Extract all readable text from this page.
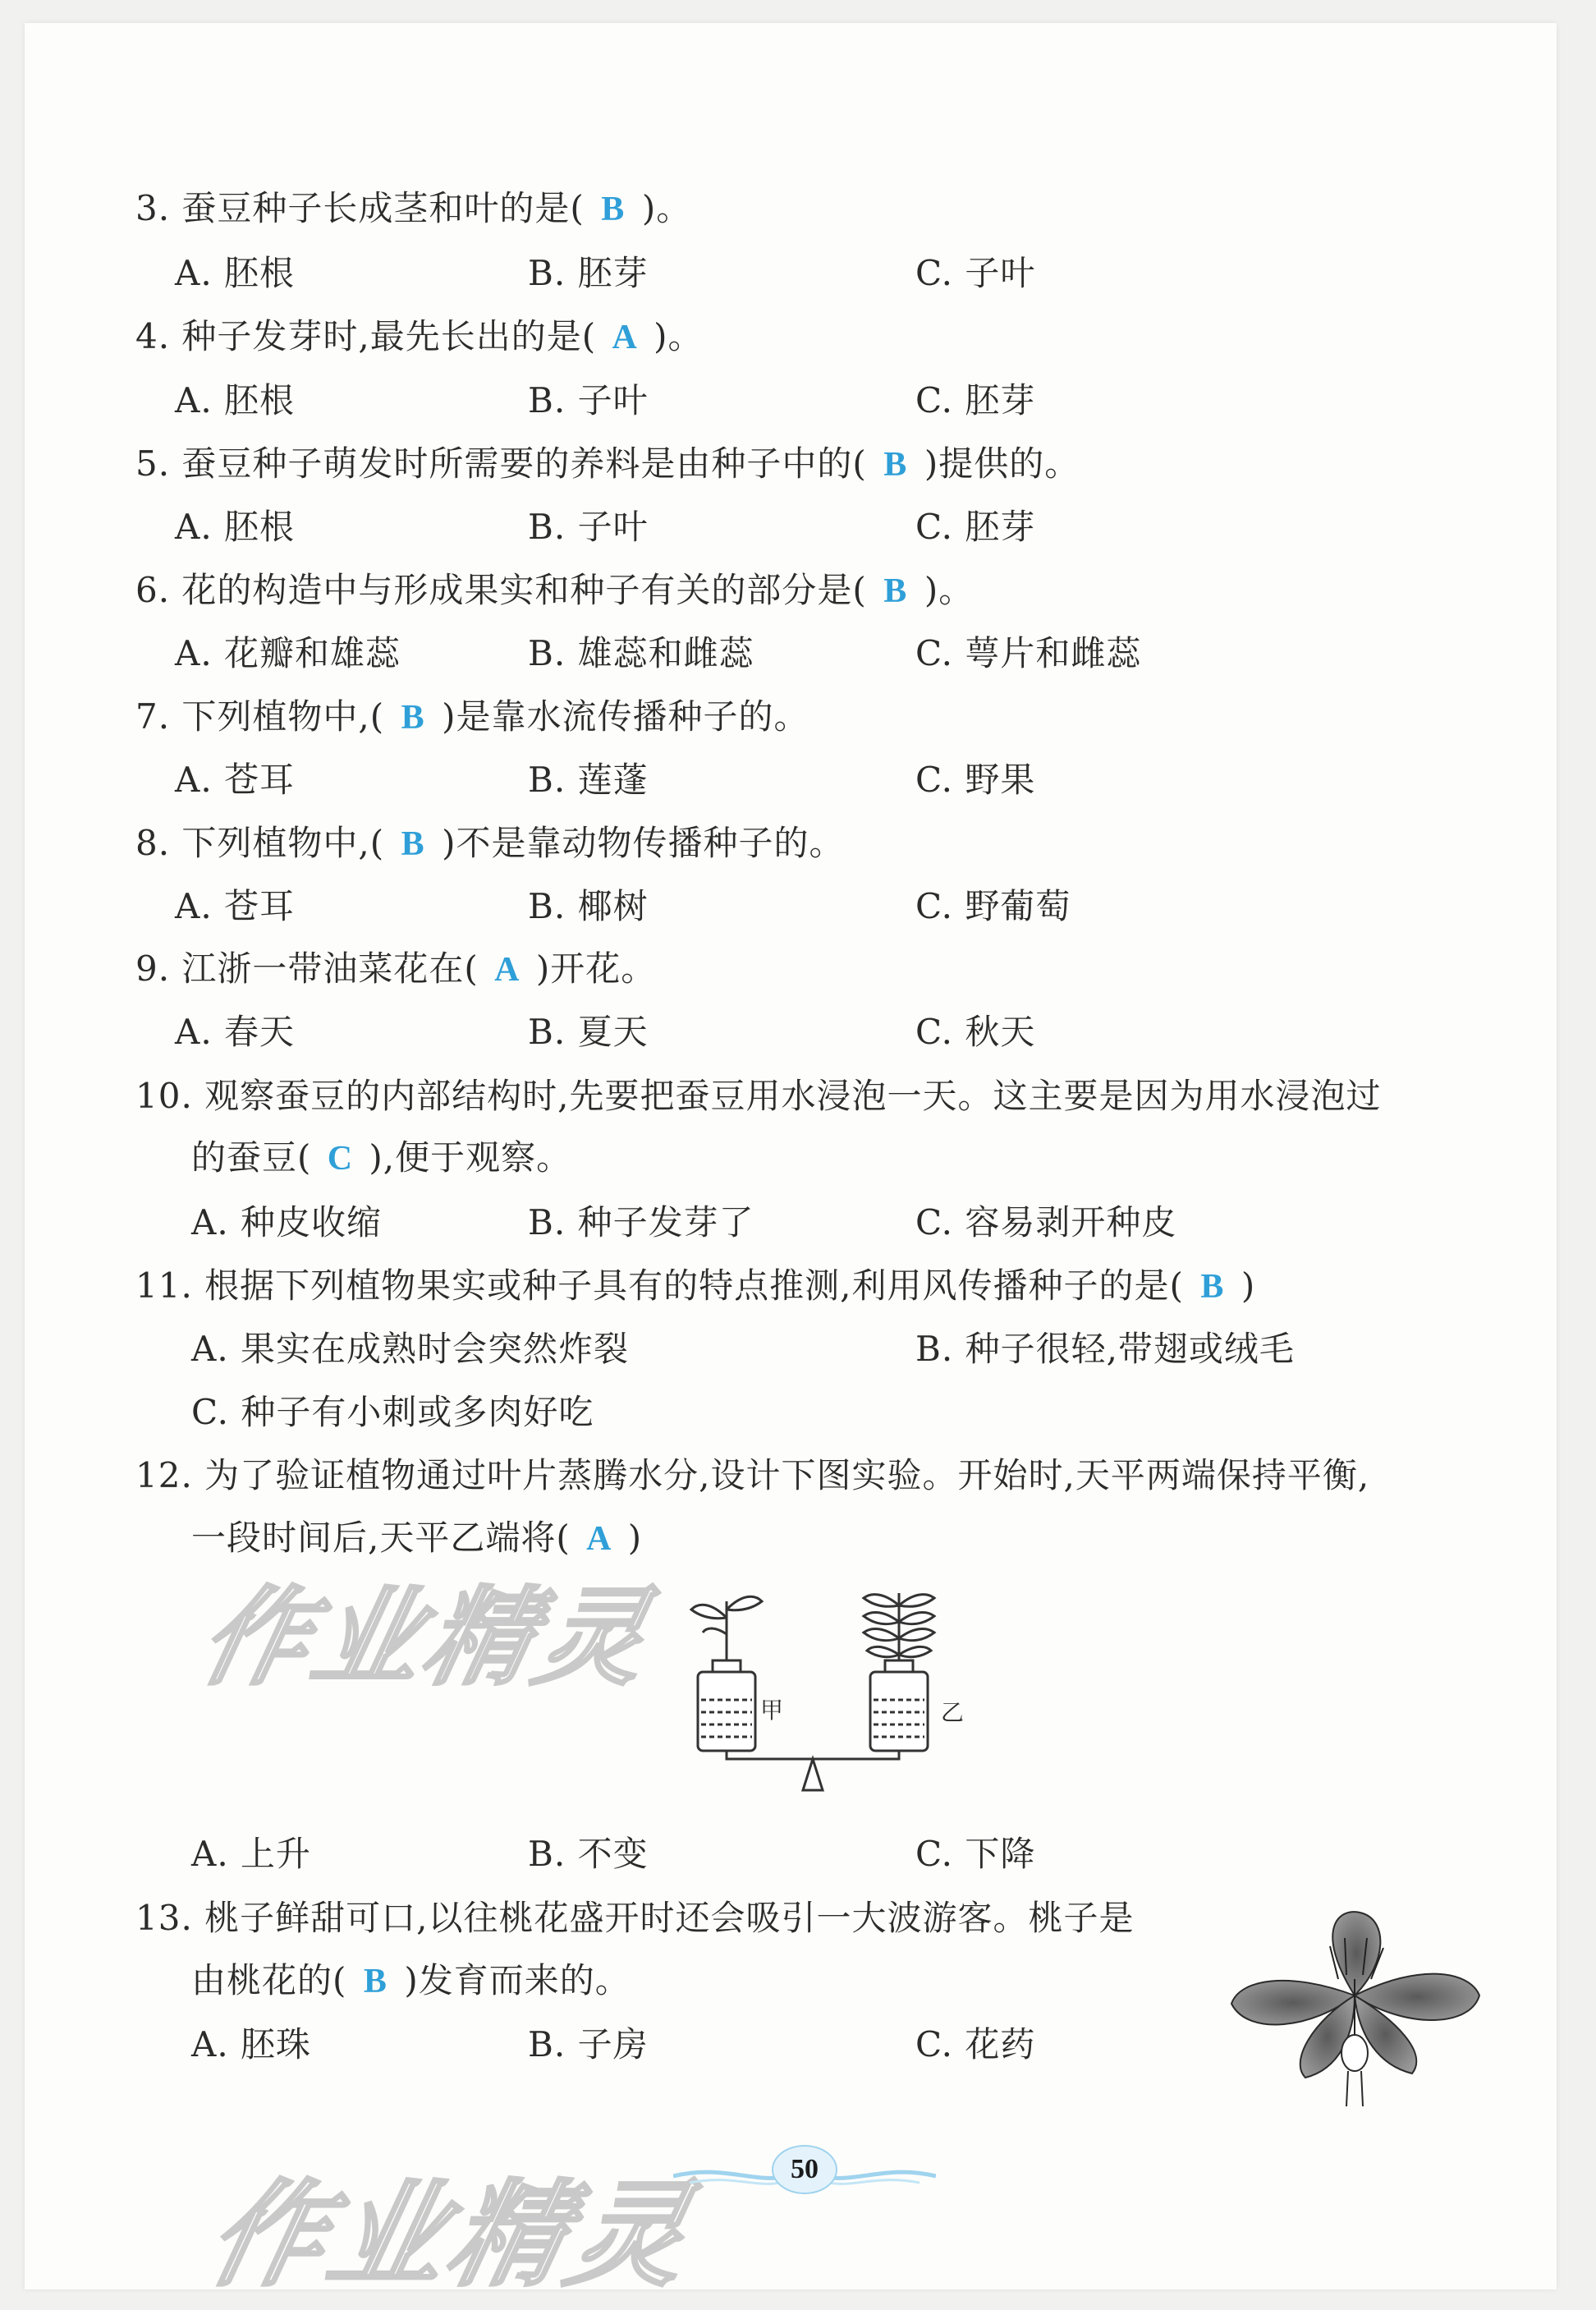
3. 蚕豆种子长成茎和叶的是( B )。
A. 胚根	B. 胚芽	C. 子叶
4. 种子发芽时,最先长出的是( A )。
A. 胚根	B. 子叶	C. 胚芽
5. 蚕豆种子萌发时所需要的养料是由种子中的( B )提供的。
A. 胚根	B. 子叶	C. 胚芽
6. 花的构造中与形成果实和种子有关的部分是( B )。
A. 花瓣和雄蕊	B. 雄蕊和雌蕊	C. 萼片和雌蕊
7. 下列植物中,( B )是靠水流传播种子的。
A. 苍耳	B. 莲蓬	C. 野果
8. 下列植物中,( B )不是靠动物传播种子的。
A. 苍耳	B. 椰树	C. 野葡萄
9. 江浙一带油菜花在( A )开花。
A. 春天	B. 夏天	C. 秋天
10. 观察蚕豆的内部结构时,先要把蚕豆用水浸泡一天。这主要是因为用水浸泡过
的蚕豆( C ),便于观察。
A. 种皮收缩	B. 种子发芽了	C. 容易剥开种皮
11. 根据下列植物果实或种子具有的特点推测,利用风传播种子的是( B )
A. 果实在成熟时会突然炸裂	B. 种子很轻,带翅或绒毛
C. 种子有小刺或多肉好吃
12. 为了验证植物通过叶片蒸腾水分,设计下图实验。开始时,天平两端保持平衡,
一段时间后,天平乙端将( A )
甲	乙
A. 上升	B. 不变	C. 下降
13. 桃子鲜甜可口,以往桃花盛开时还会吸引一大波游客。桃子是
由桃花的( B )发育而来的。
A. 胚珠	B. 子房	C. 花药
作业精灵
作业精灵	50
